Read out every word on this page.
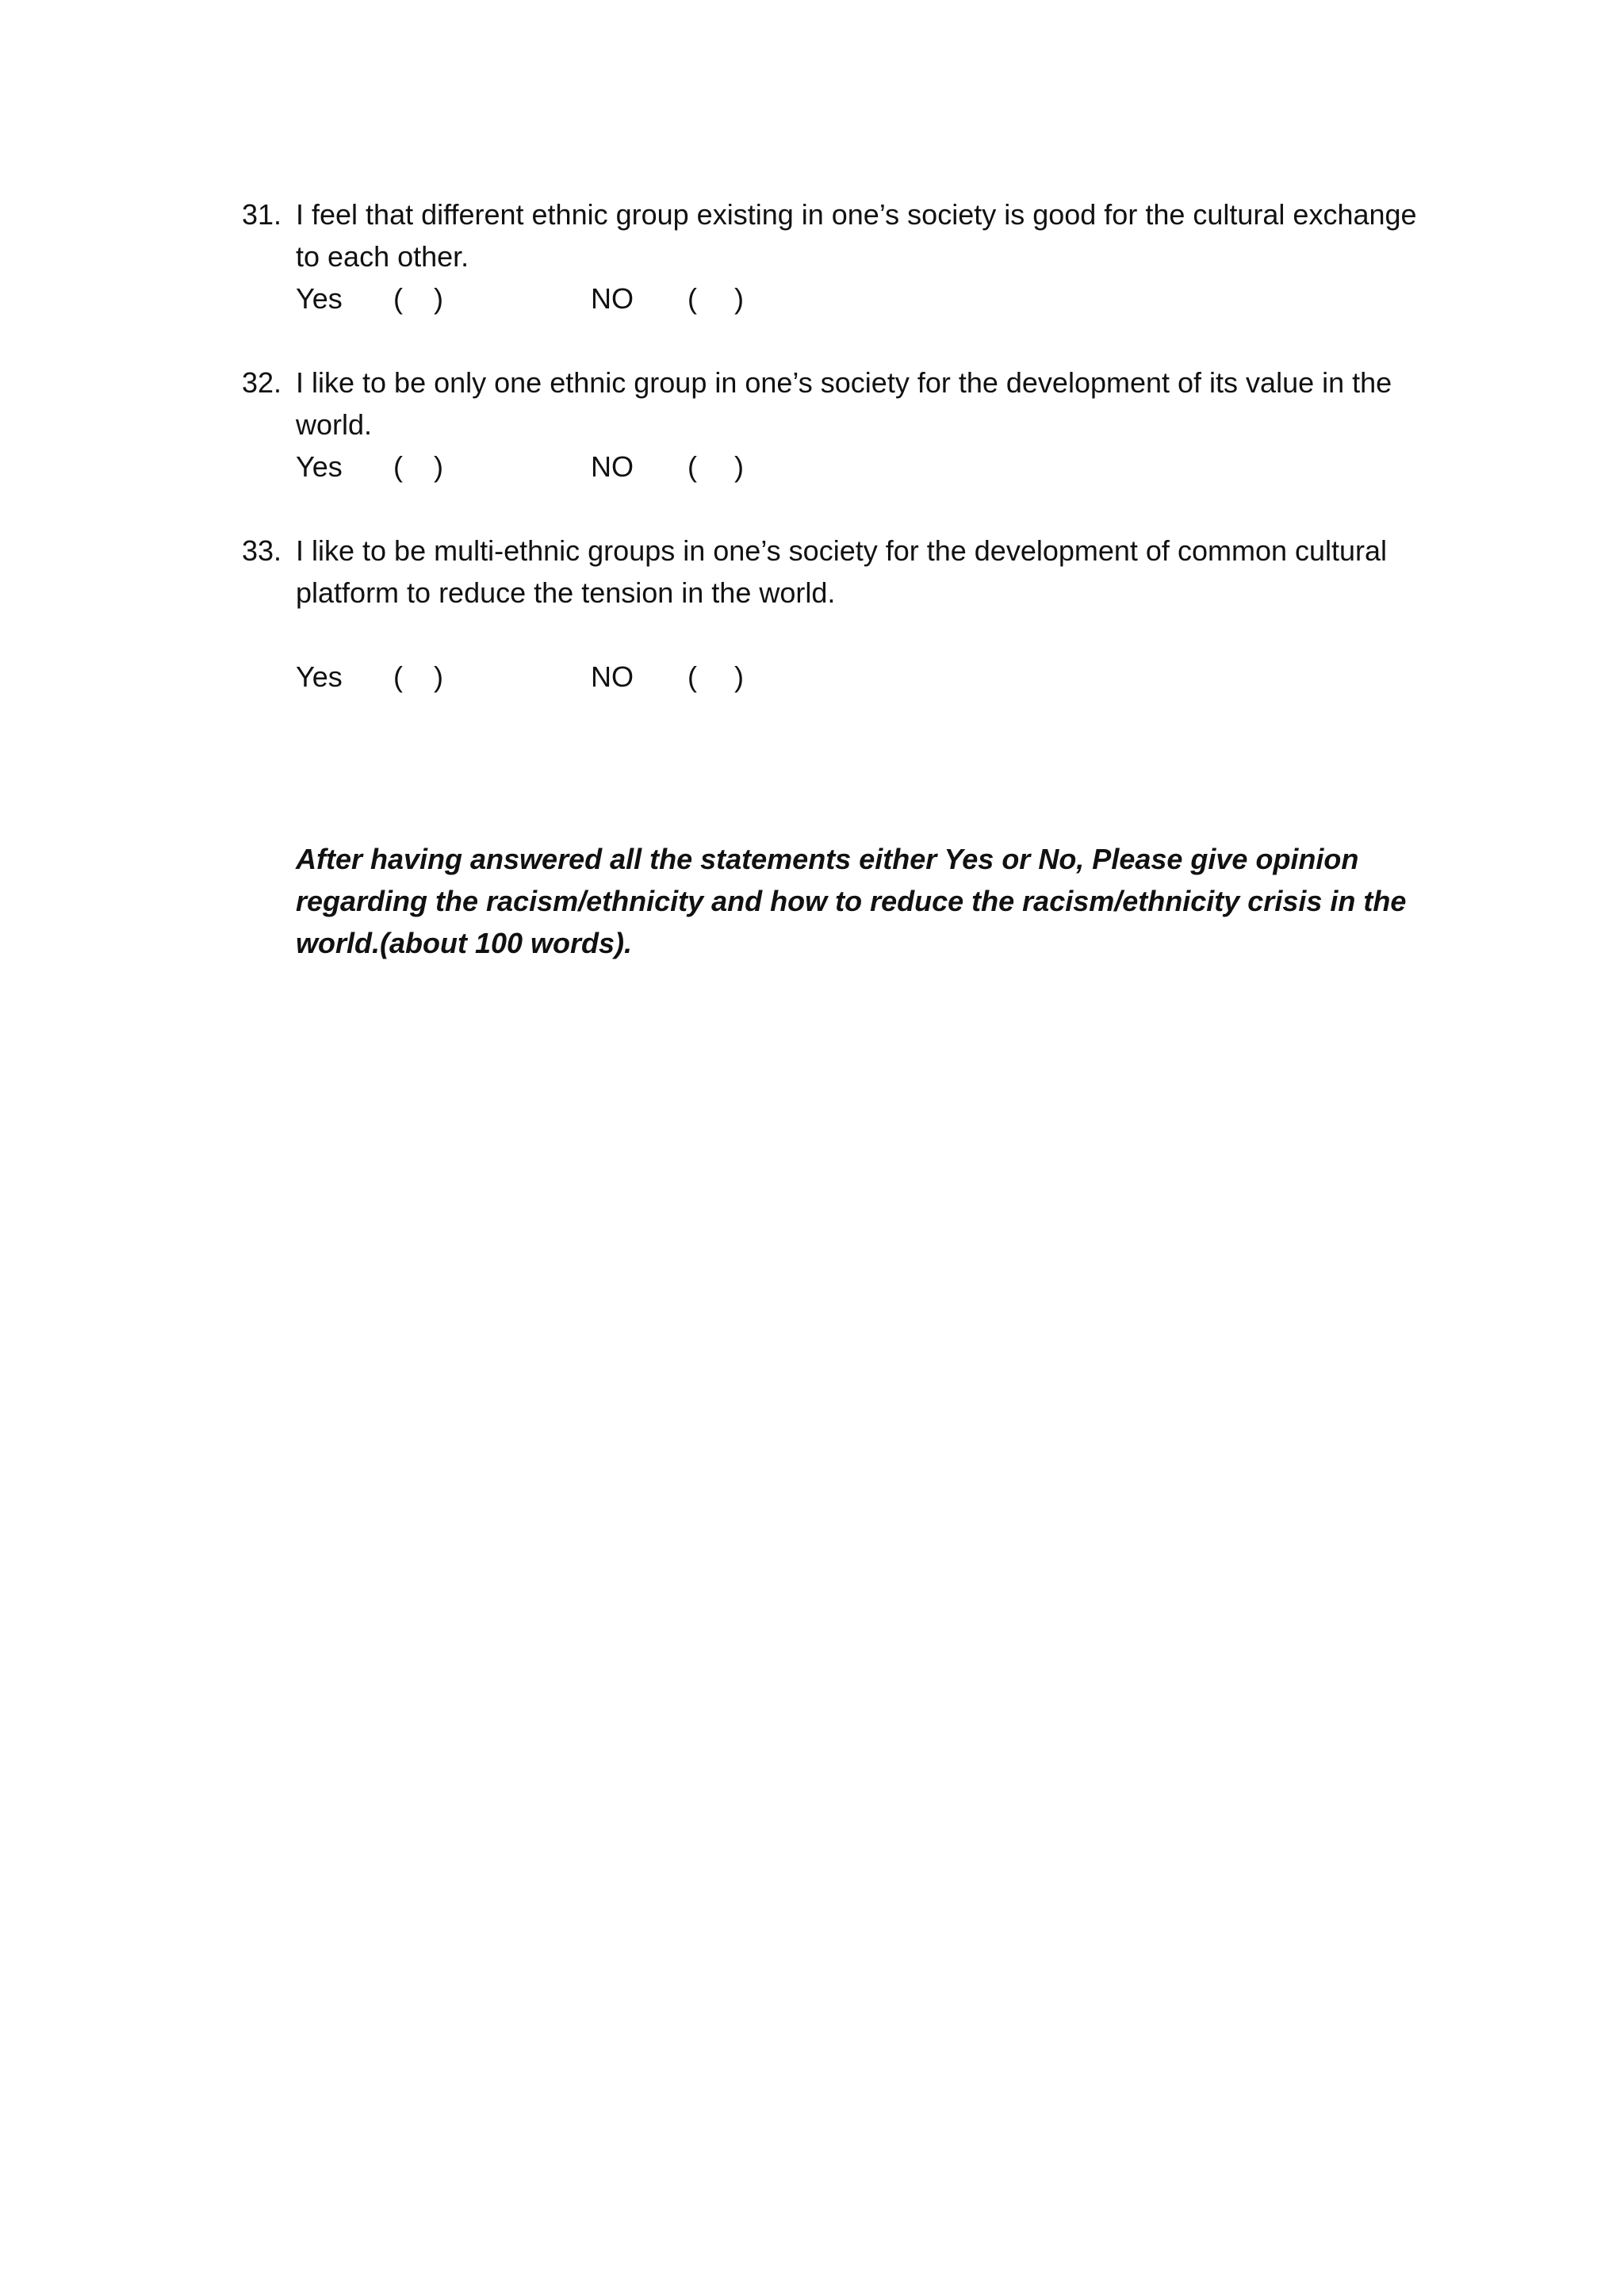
31. I feel that different ethnic group existing in one’s society is good for the cultural exchange to each other.
Yes ( )	NO ( )
32. I like to be only one ethnic group in one’s society for the development of its value in the world.
Yes ( )	NO ( )
33. I like to be multi-ethnic groups in one’s society for the development of common cultural platform to reduce the tension in the world.
Yes ( )	NO ( )
After having answered all the statements either Yes or No, Please give opinion regarding the racism/ethnicity and how to reduce the racism/ethnicity crisis in the world.(about 100 words).
